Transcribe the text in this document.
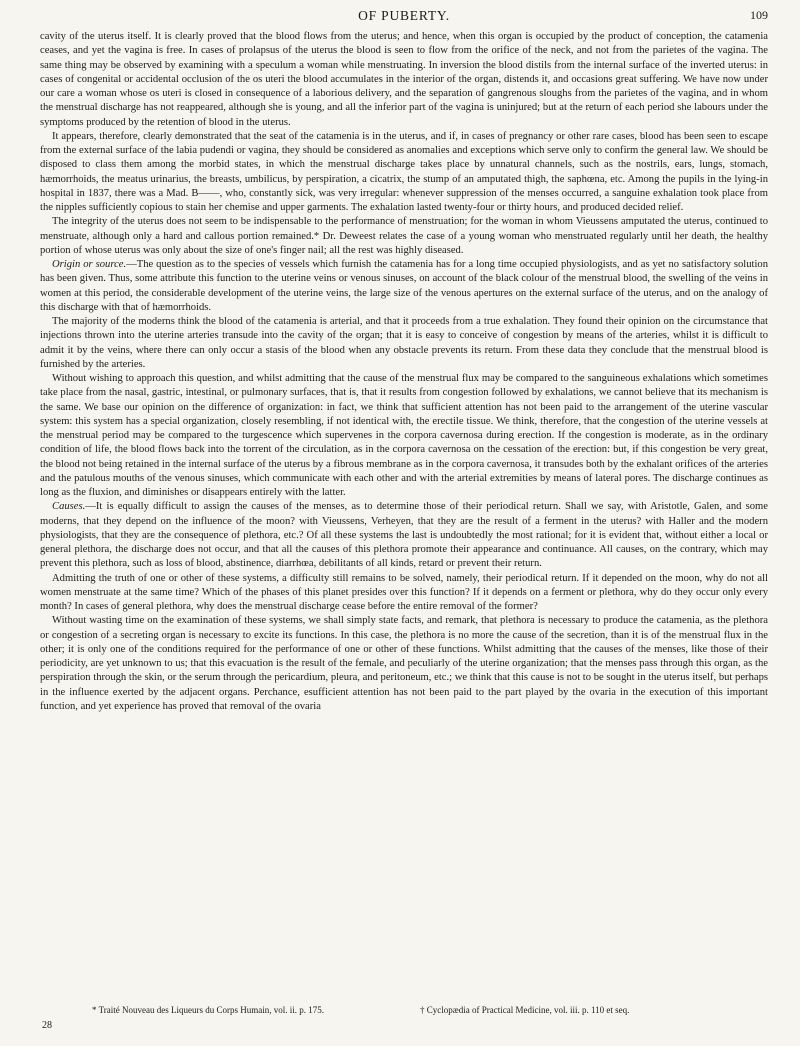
OF PUBERTY.	109

cavity of the uterus itself. It is clearly proved that the blood flows from the uterus; and hence, when this organ is occupied by the product of conception, the catamenia ceases, and yet the vagina is free. In cases of prolapsus of the uterus the blood is seen to flow from the orifice of the neck, and not from the parietes of the vagina. The same thing may be observed by examining with a speculum a woman while menstruating. In inversion the blood distils from the internal surface of the inverted uterus: in cases of congenital or accidental occlusion of the os uteri the blood accumulates in the interior of the organ, distends it, and occasions great suffering. We have now under our care a woman whose os uteri is closed in consequence of a laborious delivery, and the separation of gangrenous sloughs from the parietes of the vagina, and in whom the menstrual discharge has not reappeared, although she is young, and all the inferior part of the vagina is uninjured; but at the return of each period she labours under the symptoms produced by the retention of blood in the uterus.

It appears, therefore, clearly demonstrated that the seat of the catamenia is in the uterus, and if, in cases of pregnancy or other rare cases, blood has been seen to escape from the external surface of the labia pudendi or vagina, they should be considered as anomalies and exceptions which serve only to confirm the general law. We should be disposed to class them among the morbid states, in which the menstrual discharge takes place by unnatural channels, such as the nostrils, ears, lungs, stomach, hæmorrhoids, the meatus urinarius, the breasts, umbilicus, by perspiration, a cicatrix, the stump of an amputated thigh, the saphœna, etc. Among the pupils in the lying-in hospital in 1837, there was a Mad. B——, who, constantly sick, was very irregular: whenever suppression of the menses occurred, a sanguine exhalation took place from the nipples sufficiently copious to stain her chemise and upper garments. The exhalation lasted twenty-four or thirty hours, and produced decided relief.

The integrity of the uterus does not seem to be indispensable to the performance of menstruation; for the woman in whom Vieussens amputated the uterus, continued to menstruate, although only a hard and callous portion remained.* Dr. Deweest relates the case of a young woman who menstruated regularly until her death, the healthy portion of whose uterus was only about the size of one's finger nail; all the rest was highly diseased.

Origin or source.—The question as to the species of vessels which furnish the catamenia has for a long time occupied physiologists, and as yet no satisfactory solution has been given. Thus, some attribute this function to the uterine veins or venous sinuses, on account of the black colour of the menstrual blood, the swelling of the veins in women at this period, the considerable development of the uterine veins, the large size of the venous apertures on the external surface of the uterus, and on the analogy of this discharge with that of hæmorrhoids.

The majority of the moderns think the blood of the catamenia is arterial, and that it proceeds from a true exhalation. They found their opinion on the circumstance that injections thrown into the uterine arteries transude into the cavity of the organ; that it is easy to conceive of congestion by means of the arteries, whilst it is difficult to admit it by the veins, where there can only occur a stasis of the blood when any obstacle prevents its return. From these data they conclude that the menstrual blood is furnished by the arteries.

Without wishing to approach this question, and whilst admitting that the cause of the menstrual flux may be compared to the sanguineous exhalations which sometimes take place from the nasal, gastric, intestinal, or pulmonary surfaces, that is, that it results from congestion followed by exhalations, we cannot believe that its mechanism is the same. We base our opinion on the difference of organization: in fact, we think that sufficient attention has not been paid to the arrangement of the uterine vascular system: this system has a special organization, closely resembling, if not identical with, the erectile tissue. We think, therefore, that the congestion of the uterine vessels at the menstrual period may be compared to the turgescence which supervenes in the corpora cavernosa during erection. If the congestion is moderate, as in the ordinary condition of life, the blood flows back into the torrent of the circulation, as in the corpora cavernosa on the cessation of the erection: but, if this congestion be very great, the blood not being retained in the internal surface of the uterus by a fibrous membrane as in the corpora cavernosa, it transudes both by the exhalant orifices of the arteries and the patulous mouths of the venous sinuses, which communicate with each other and with the arterial extremities by means of lateral pores. The discharge continues as long as the fluxion, and diminishes or disappears entirely with the latter.

Causes.—It is equally difficult to assign the causes of the menses, as to determine those of their periodical return. Shall we say, with Aristotle, Galen, and some moderns, that they depend on the influence of the moon? with Vieussens, Verheyen, that they are the result of a ferment in the uterus? with Haller and the modern physiologists, that they are the consequence of plethora, etc.? Of all these systems the last is undoubtedly the most rational; for it is evident that, without either a local or general plethora, the discharge does not occur, and that all the causes of this plethora promote their appearance and continuance. All causes, on the contrary, which may prevent this plethora, such as loss of blood, abstinence, diarrhœa, debilitants of all kinds, retard or prevent their return.

Admitting the truth of one or other of these systems, a difficulty still remains to be solved, namely, their periodical return. If it depended on the moon, why do not all women menstruate at the same time? Which of the phases of this planet presides over this function? If it depends on a ferment or plethora, why do they occur only every month? In cases of general plethora, why does the menstrual discharge cease before the entire removal of the former?

Without wasting time on the examination of these systems, we shall simply state facts, and remark, that plethora is necessary to produce the catamenia, as the plethora or congestion of a secreting organ is necessary to excite its functions. In this case, the plethora is no more the cause of the secretion, than it is of the menstrual flux in the other; it is only one of the conditions required for the performance of one or other of these functions. Whilst admitting that the causes of the menses, like those of their periodicity, are yet unknown to us; that this evacuation is the result of the female, and peculiarly of the uterine organization; that the menses pass through this organ, as the perspiration through the skin, or the serum through the pericardium, pleura, and peritoneum, etc.; we think that this cause is not to be sought in the uterus itself, but perhaps in the influence exerted by the adjacent organs. Perchance, esufficient attention has not been paid to the part played by the ovaria in the execution of this important function, and yet experience has proved that removal of the ovaria

* Traité Nouveau des Liqueurs du Corps Humain, vol. ii. p. 175.	† Cyclopædia of Practical Medicine, vol. iii. p. 110 et seq.
28
